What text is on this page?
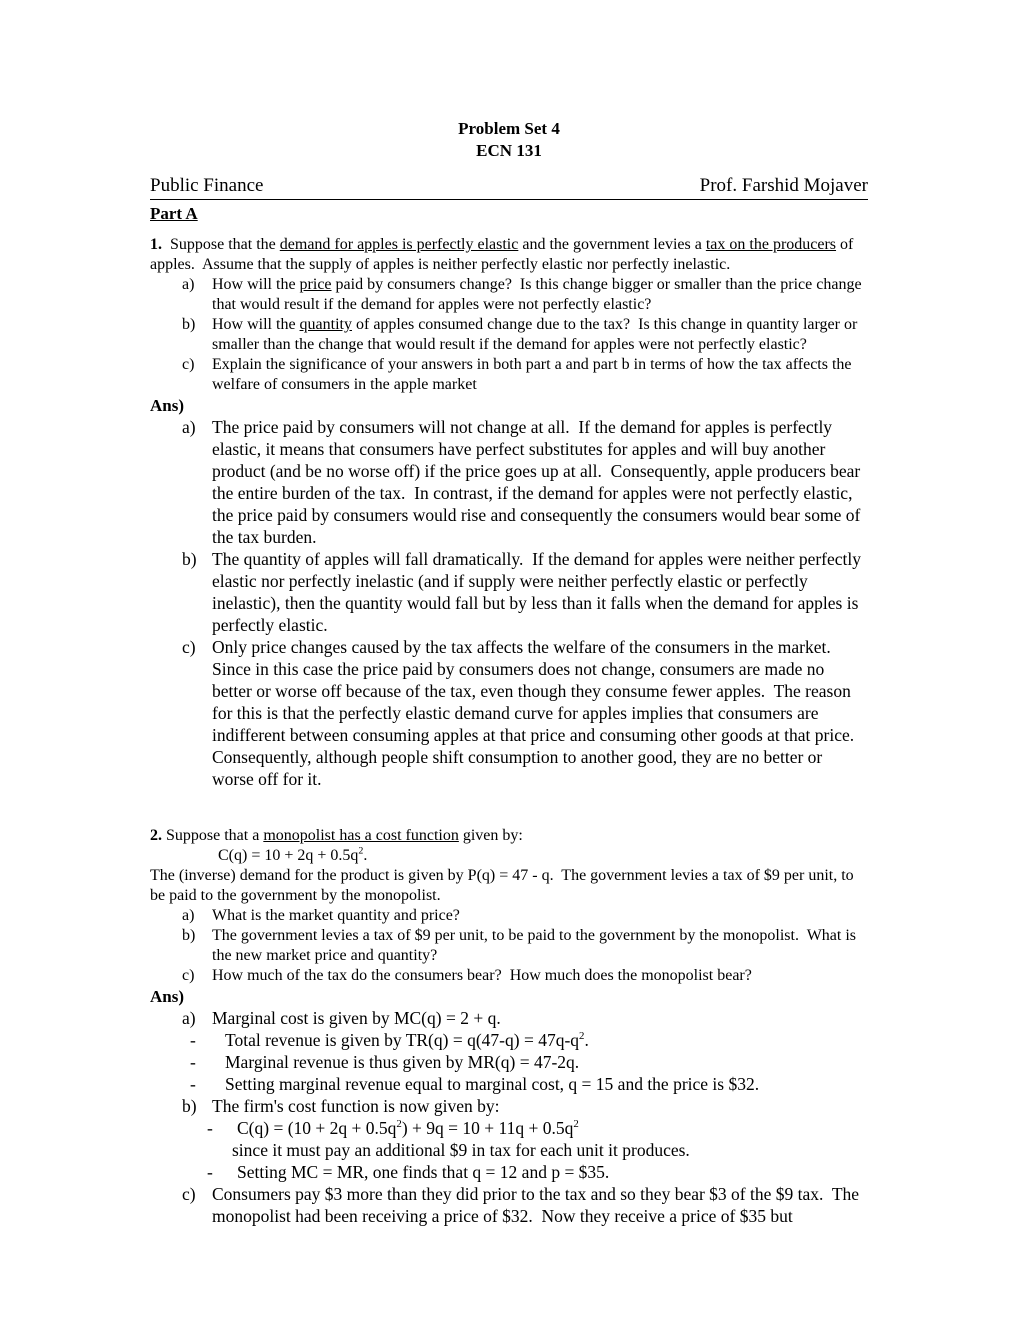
Problem Set 4
ECN 131
Public Finance	Prof. Farshid Mojaver
Part A
1.  Suppose that the demand for apples is perfectly elastic and the government levies a tax on the producers of apples.  Assume that the supply of apples is neither perfectly elastic nor perfectly inelastic.
a)	How will the price paid by consumers change?  Is this change bigger or smaller than the price change that would result if the demand for apples were not perfectly elastic?
b)	How will the quantity of apples consumed change due to the tax?  Is this change in quantity larger or smaller than the change that would result if the demand for apples were not perfectly elastic?
c)	Explain the significance of your answers in both part a and part b in terms of how the tax affects the welfare of consumers in the apple market
Ans)
a) The price paid by consumers will not change at all.  If the demand for apples is perfectly elastic, it means that consumers have perfect substitutes for apples and will buy another product (and be no worse off) if the price goes up at all.  Consequently, apple producers bear the entire burden of the tax.  In contrast, if the demand for apples were not perfectly elastic, the price paid by consumers would rise and consequently the consumers would bear some of the tax burden.
b) The quantity of apples will fall dramatically.  If the demand for apples were neither perfectly elastic nor perfectly inelastic (and if supply were neither perfectly elastic or perfectly inelastic), then the quantity would fall but by less than it falls when the demand for apples is perfectly elastic.
c) Only price changes caused by the tax affects the welfare of the consumers in the market.  Since in this case the price paid by consumers does not change, consumers are made no better or worse off because of the tax, even though they consume fewer apples.  The reason for this is that the perfectly elastic demand curve for apples implies that consumers are indifferent between consuming apples at that price and consuming other goods at that price.  Consequently, although people shift consumption to another good, they are no better or worse off for it.
2. Suppose that a monopolist has a cost function given by:
$C(q) = 10 + 2q + 0.5q^2$.
The (inverse) demand for the product is given by P(q) = 47 - q.  The government levies a tax of $9 per unit, to be paid to the government by the monopolist.
a)	What is the market quantity and price?
b)	The government levies a tax of $9 per unit, to be paid to the government by the monopolist.  What is the new market price and quantity?
c)	How much of the tax do the consumers bear?  How much does the monopolist bear?
Ans)
a) Marginal cost is given by MC(q) = 2 + q.
-	Total revenue is given by $TR(q) = q(47-q) = 47q-q^2$.
-	Marginal revenue is thus given by MR(q) = 47-2q.
-	Setting marginal revenue equal to marginal cost, q = 15 and the price is $32.
b) The firm's cost function is now given by:
-	$C(q) = (10 + 2q + 0.5q^2) + 9q = 10 + 11q + 0.5q^2$
since it must pay an additional $9 in tax for each unit it produces.
-	Setting MC = MR, one finds that q = 12 and p = $35.
c) Consumers pay $3 more than they did prior to the tax and so they bear $3 of the $9 tax.  The monopolist had been receiving a price of $32.  Now they receive a price of $35 but
